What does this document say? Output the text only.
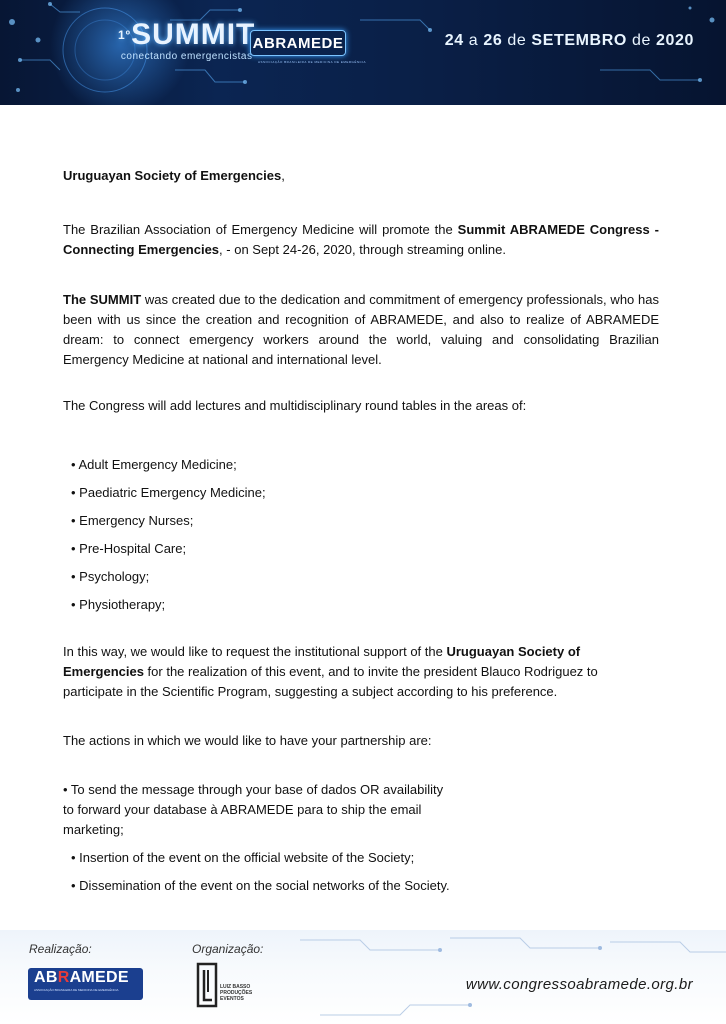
$^{1º}$SUMMIT
conectando emergencistas
ABRAMEDE
ASSOCIAÇÃO BRASILEIRA DE MEDICINA DE EMERGÊNCIA
24 a 26 de SETEMBRO de 2020

Uruguayan Society of Emergencies,

The Brazilian Association of Emergency Medicine will promote the Summit ABRAMEDE Congress - Connecting Emergencies, - on Sept 24-26, 2020, through streaming online.

The SUMMIT was created due to the dedication and commitment of emergency professionals, who has been with us since the creation and recognition of ABRAMEDE, and also to realize of ABRAMEDE dream: to connect emergency workers around the world, valuing and consolidating Brazilian Emergency Medicine at national and international level.

The Congress will add lectures and multidisciplinary round tables in the areas of:

• Adult Emergency Medicine;

• Paediatric Emergency Medicine;

• Emergency Nurses;

• Pre-Hospital Care;

• Psychology;

• Physiotherapy;

In this way, we would like to request the institutional support of the Uruguayan Society of Emergencies for the realization of this event, and to invite the president Blauco Rodriguez to participate in the Scientific Program, suggesting a subject according to his preference.

The actions in which we would like to have your partnership are:

• To send the message through your base of dados OR availability to forward your database à ABRAMEDE para to ship the email marketing;

• Insertion of the event on the official website of the Society;

• Dissemination of the event on the social networks of the Society.

Realização:	Organização:
ABRAMEDE
ASSOCIAÇÃO BRASILEIRA DE MEDICINA DE EMERGÊNCIA	LUIZ BASSO
PRODUÇÕES
EVENTOS
www.congressoabramede.org.br
